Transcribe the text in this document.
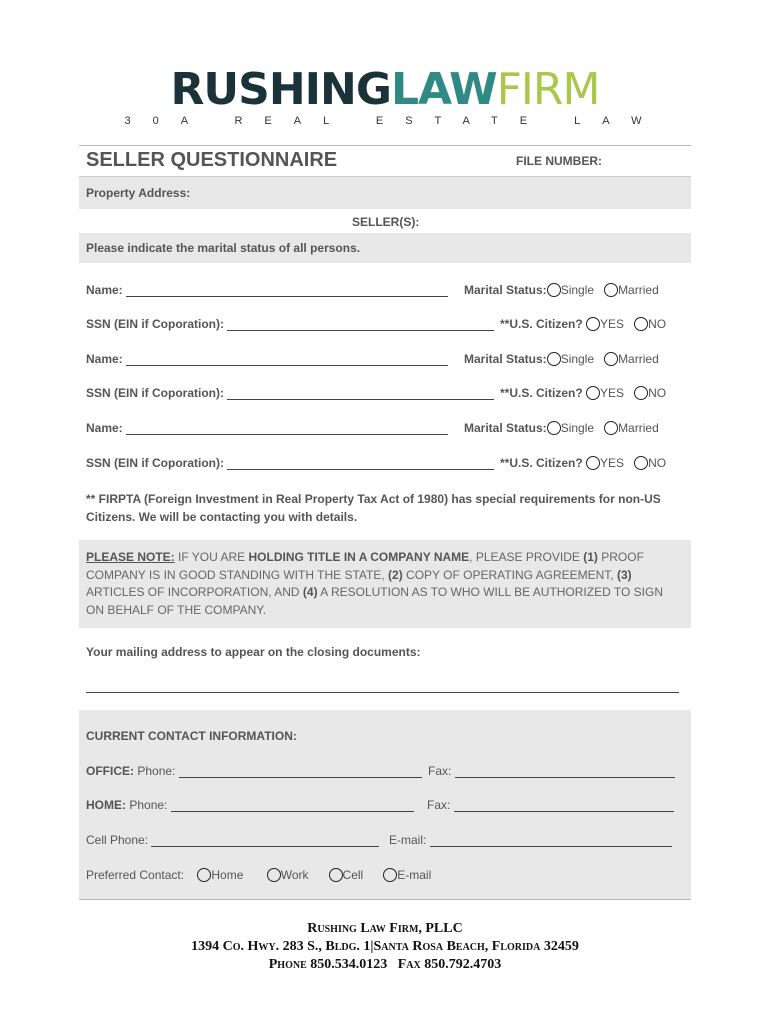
RUSHINGLAWFIRM
30A REAL ESTATE LAW
SELLER QUESTIONNAIRE	FILE NUMBER:
Property Address:
SELLER(S):
Please indicate the marital status of all persons.
Name:	Marital Status: Single Married
SSN (EIN if Coporation):	**U.S. Citizen? YES NO
Name:	Marital Status: Single Married
SSN (EIN if Coporation):	**U.S. Citizen? YES NO
Name:	Marital Status: Single Married
SSN (EIN if Coporation):	**U.S. Citizen? YES NO
** FIRPTA (Foreign Investment in Real Property Tax Act of 1980) has special requirements for non-US Citizens. We will be contacting you with details.
PLEASE NOTE: IF YOU ARE HOLDING TITLE IN A COMPANY NAME, PLEASE PROVIDE (1) PROOF COMPANY IS IN GOOD STANDING WITH THE STATE, (2) COPY OF OPERATING AGREEMENT, (3) ARTICLES OF INCORPORATION, AND (4) A RESOLUTION AS TO WHO WILL BE AUTHORIZED TO SIGN ON BEHALF OF THE COMPANY.
Your mailing address to appear on the closing documents:
CURRENT CONTACT INFORMATION:
OFFICE: Phone:	Fax:
HOME: Phone:	Fax:
Cell Phone:	E-mail:
Preferred Contact: Home	Work	Cell	E-mail
Rushing Law Firm, PLLC
1394 Co. Hwy. 283 S., Bldg. 1|Santa Rosa Beach, Florida 32459
Phone 850.534.0123   Fax 850.792.4703
